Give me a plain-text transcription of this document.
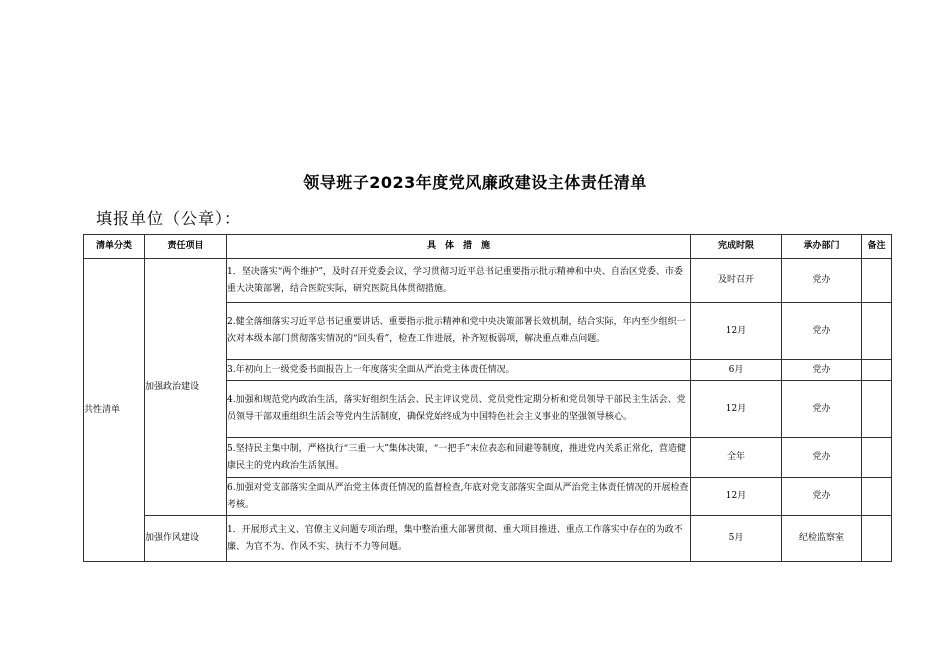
领导班子2023年度党风廉政建设主体责任清单
填报单位（公章）：
清单分类	责任项目	具　体　措　施	完成时限	承办部门	备注
共性清单	加强政治建设	1．坚决落实“两个维护”，及时召开党委会议，学习贯彻习近平总书记重要指示批示精神和中央、自治区党委、市委重大决策部署，结合医院实际，研究医院具体贯彻措施。	及时召开	党办	
		2.健全落细落实习近平总书记重要讲话、重要指示批示精神和党中央决策部署长效机制，结合实际，年内至少组织一次对本级本部门贯彻落实情况的“回头看”，检查工作进展，补齐短板弱项，解决重点难点问题。	12月	党办	
		3.年初向上一级党委书面报告上一年度落实全面从严治党主体责任情况。	6月	党办	
		4.加强和规范党内政治生活，落实好组织生活会、民主评议党员、党员党性定期分析和党员领导干部民主生活会、党员领导干部双重组织生活会等党内生活制度，确保党始终成为中国特色社会主义事业的坚强领导核心。	12月	党办	
		5.坚持民主集中制，严格执行“三重一大”集体决策，“一把手”末位表态和回避等制度，推进党内关系正常化，营造健康民主的党内政治生活氛围。	全年	党办	
		6.加强对党支部落实全面从严治党主体责任情况的监督检查,年底对党支部落实全面从严治党主体责任情况的开展检查考核。	12月	党办	
	加强作风建设	1．开展形式主义、官僚主义问题专项治理，集中整治重大部署贯彻、重大项目推进、重点工作落实中存在的为政不廉、为官不为、作风不实、执行不力等问题。	5月	纪检监察室	
